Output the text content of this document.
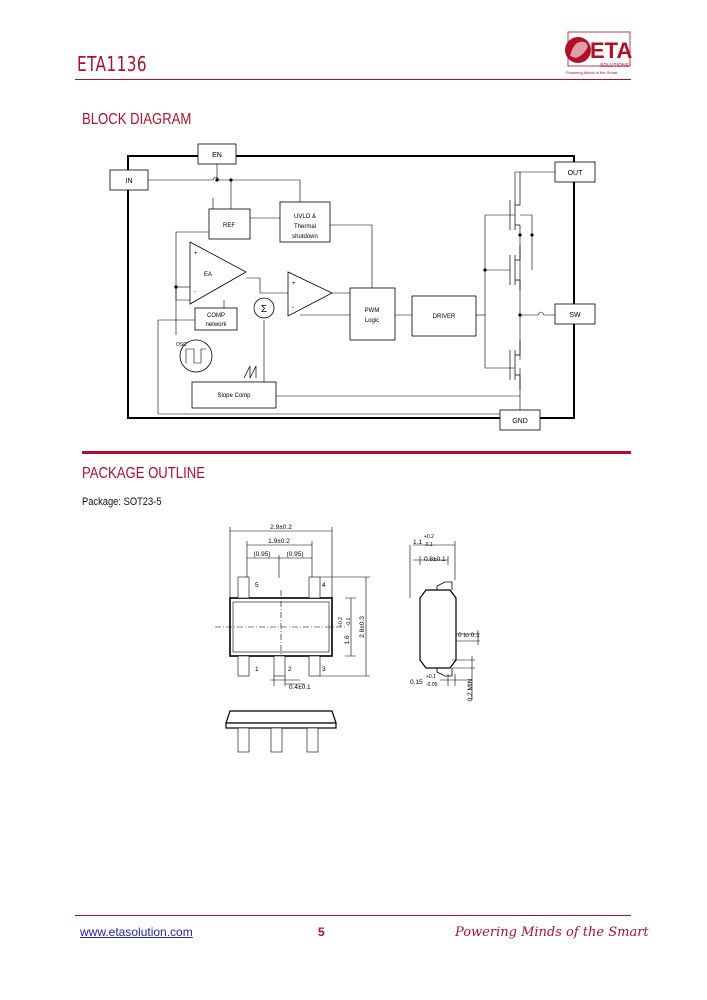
ETA1136
ETA
SOLUTIONS
Powering Minds of the Smart
BLOCK DIAGRAM
EN
IN
OUT
SW
GND
REF
UVLO &
Thermal
shutdown
EA
+
-
COMP
network
Σ
+
-
OSC
Slope Comp
PWM
Logic
DRIVER
PACKAGE OUTLINE
Package: SOT23-5
2.9±0.2
1.9±0.2
(0.95) (0.95)
5	4
1	2	3
0.4±0.1
1.6
+0.2 -0.1 2.8±0.3
1.1
+0.2
-0.1
0.8±0.1
0 to 0.1
0.15
+0.1
-0.05	0.2 MIN
www.etasolution.com	5	Powering Minds of the Smart
